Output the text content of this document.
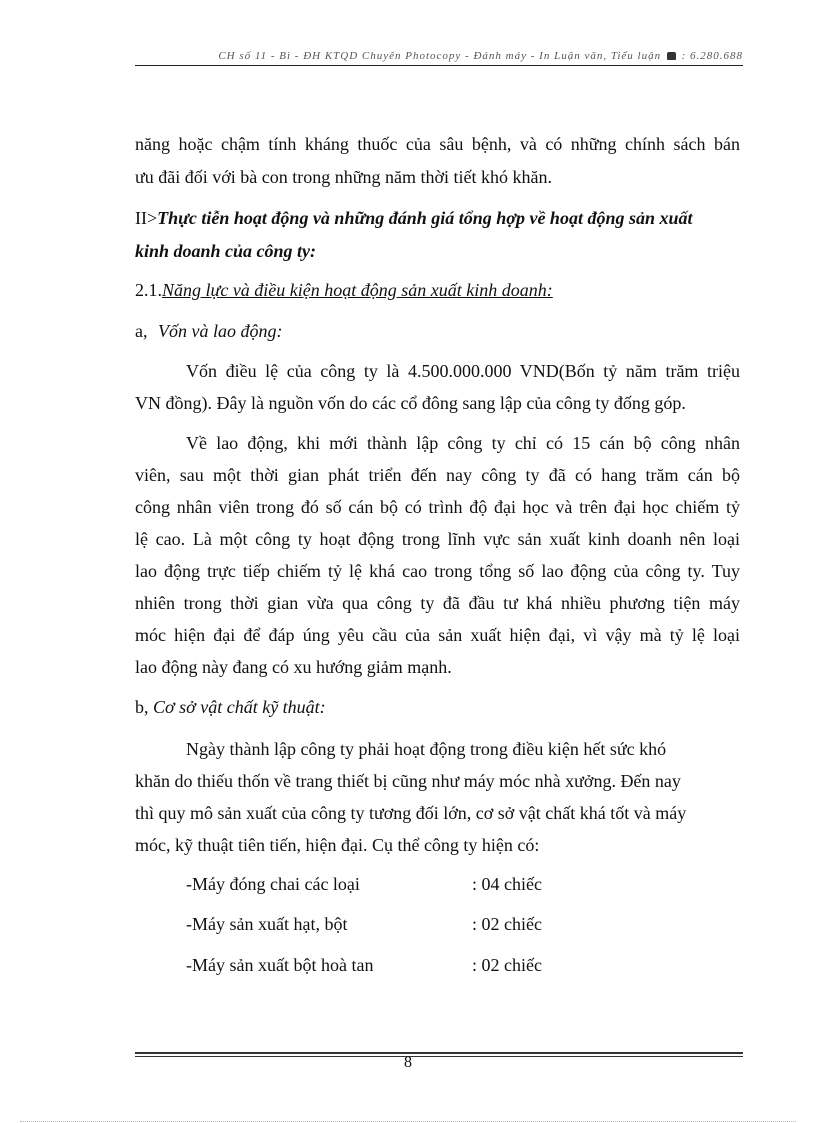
CH số 11 - Bì - ĐH KTQD Chuyên Photocopy - Đánh máy - In Luận văn, Tiểu luận : 6.280.688
năng hoặc chậm tính kháng thuốc của sâu bệnh, và có những chính sách bán
ưu đãi đối với bà con trong những năm thời tiết khó khăn.
II>Thực tiễn hoạt động và những đánh giá tổng hợp về hoạt động sản xuất
kinh doanh của công ty:
2.1.Năng lực và điều kiện hoạt động sản xuất kinh doanh:
a, Vốn và lao động:
Vốn điều lệ của công ty là 4.500.000.000 VND(Bốn tỷ năm trăm triệu
VN đồng). Đây là nguồn vốn do các cổ đông sang lập của công ty đống góp.
Về lao động, khi mới thành lập công ty chỉ có 15 cán bộ công nhân
viên, sau một thời gian phát triển đến nay công ty đã có hang trăm cán bộ
công nhân viên trong đó số cán bộ có trình độ đại học và trên đại học chiếm tỷ
lệ cao. Là một công ty hoạt động trong lĩnh vực sản xuất kinh doanh nên loại
lao động trực tiếp chiếm tỷ lệ khá cao trong tổng số lao động của công ty. Tuy
nhiên trong thời gian vừa qua công ty đã đầu tư khá nhiều phương tiện máy
móc hiện đại để đáp úng yêu cầu của sản xuất hiện đại, vì vậy mà tỷ lệ loại
lao động này đang có xu hướng giảm mạnh.
b, Cơ sở vật chất kỹ thuật:
Ngày thành lập công ty phải hoạt động trong điều kiện hết sức khó
khăn do thiếu thốn về trang thiết bị cũng như máy móc nhà xưởng. Đến nay
thì quy mô sản xuất của công ty tương đối lớn, cơ sở vật chất khá tốt và máy
móc, kỹ thuật tiên tiến, hiện đại. Cụ thể công ty hiện có:
-Máy đóng chai các loại	: 04 chiếc
-Máy sản xuất hạt, bột	: 02 chiếc
-Máy sản xuất bột hoà tan	: 02 chiếc
8
